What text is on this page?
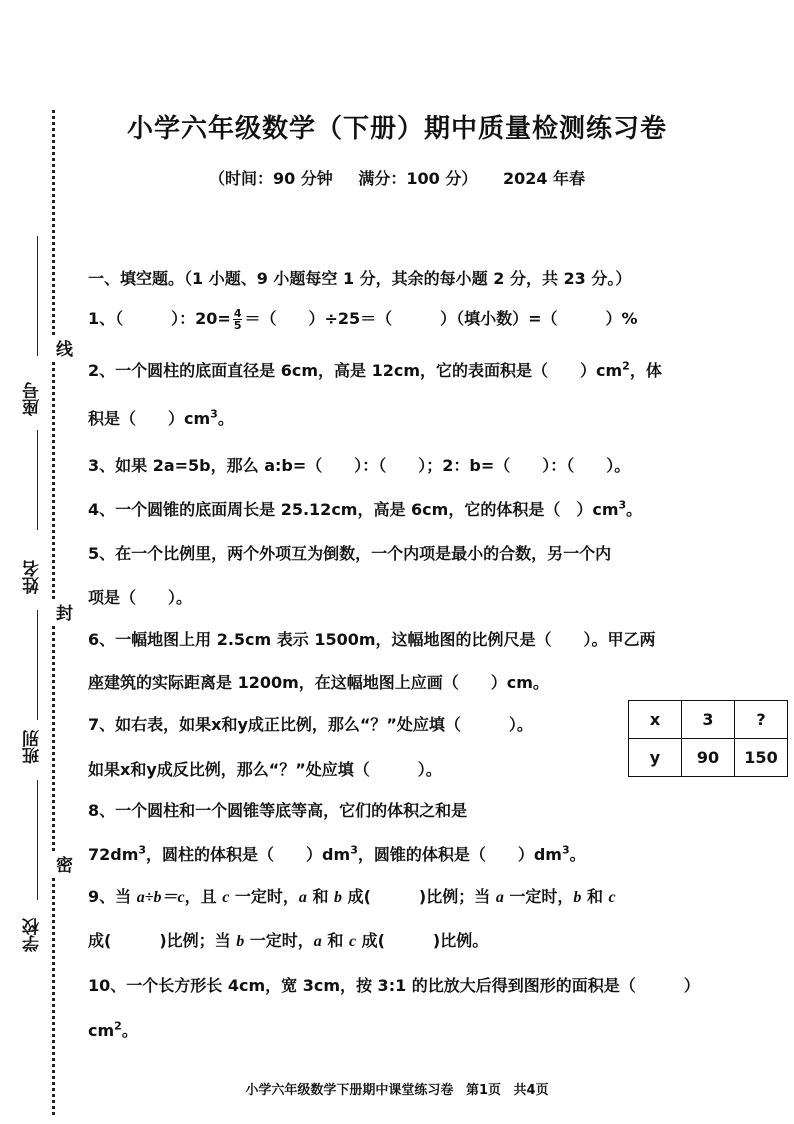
座号
姓名
班别
学校
线
封
密
小学六年级数学（下册）期中质量检测练习卷
（时间：90 分钟 满分：100 分） 2024 年春
一、填空题。（1 小题、9 小题每空 1 分，其余的每小题 2 分，共 23 分。）
1、（　　　）：$20= \frac{4}{5}$ ＝（　　）÷25＝（　　　）（填小数）=（　　　）%
2、一个圆柱的底面直径是 6cm，高是 12cm，它的表面积是（　　）$cm^2$，体
积是（　　）$cm^3$。
3、如果 2a=5b，那么 a:b=（　　）：（　　）；2：b=（　　）：（　　）。
4、一个圆锥的底面周长是 25.12cm，高是 6cm，它的体积是（　）$cm^3$。
5、在一个比例里，两个外项互为倒数，一个内项是最小的合数，另一个内
项是（　　）。
6、一幅地图上用 2.5cm 表示 1500m，这幅地图的比例尺是（　　）。甲乙两
座建筑的实际距离是 1200m，在这幅地图上应画（　　）cm。
7、如右表，如果x和y成正比例，那么“？”处应填（　　　）。
如果x和y成反比例，那么“？”处应填（　　　）。
x	3	?
y	90	150
8、一个圆柱和一个圆锥等底等高，它们的体积之和是
$72dm^3$，圆柱的体积是（　　）$dm^3$，圆锥的体积是（　　）$dm^3$。
9、当 a÷b＝c，且 c 一定时，a 和 b 成(　　　)比例；当 a 一定时，b 和 c
成(　　　)比例；当 b 一定时，a 和 c 成(　　　)比例。
10、一个长方形长 4cm，宽 3cm，按 3:1 的比放大后得到图形的面积是（　　　）
$cm^2$。
小学六年级数学下册期中课堂练习卷 第1页 共4页
